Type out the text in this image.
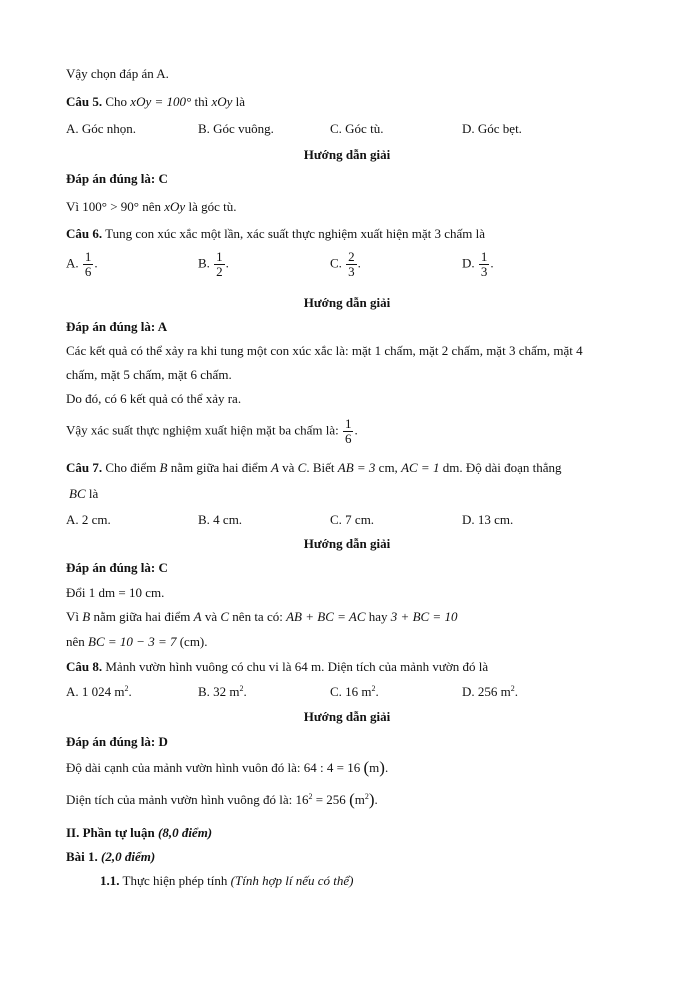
Vậy chọn đáp án A.
Câu 5. Cho xOy = 100° thì xOy là
A. Góc nhọn.	B. Góc vuông.	C. Góc tù.	D. Góc bẹt.
Hướng dẫn giải
Đáp án đúng là: C
Vì 100° > 90° nên xOy là góc tù.
Câu 6. Tung con xúc xắc một lần, xác suất thực nghiệm xuất hiện mặt 3 chấm là
A. $\frac{1}{6}$ .	B. $\frac{1}{2}$ .	C. $\frac{2}{3}$ .	D. $\frac{1}{3}$ .
Hướng dẫn giải
Đáp án đúng là: A
Các kết quả có thể xảy ra khi tung một con xúc xắc là: mặt 1 chấm, mặt 2 chấm, mặt 3 chấm, mặt 4
chấm, mặt 5 chấm, mặt 6 chấm.
Do đó, có 6 kết quả có thể xảy ra.
Vậy xác suất thực nghiệm xuất hiện mặt ba chấm là: $\frac{1}{6}$ .
Câu 7. Cho điểm B nằm giữa hai điểm A và C. Biết AB = 3 cm, AC = 1 dm. Độ dài đoạn thẳng
BC là
A. 2 cm.	B. 4 cm.	C. 7 cm.	D. 13 cm.
Hướng dẫn giải
Đáp án đúng là: C
Đổi 1 dm = 10 cm.
Vì B nằm giữa hai điểm A và C nên ta có: AB + BC = AC hay 3 + BC = 10
nên BC = 10 − 3 = 7 (cm).
Câu 8. Mảnh vườn hình vuông có chu vi là 64 m. Diện tích của mảnh vườn đó là
A. 1 024 $m^2$.	B. 32 $m^2$.	C. 16 $m^2$.	D. 256 $m^2$.
Hướng dẫn giải
Đáp án đúng là: D
Độ dài cạnh của mảnh vườn hình vuôn đó là: 64 : 4 = 16 (m).
Diện tích của mảnh vườn hình vuông đó là: $16^2 = 256$ $(m^2)$.
II. Phần tự luận (8,0 điểm)
Bài 1. (2,0 điểm)
1.1. Thực hiện phép tính (Tính hợp lí nếu có thể)
